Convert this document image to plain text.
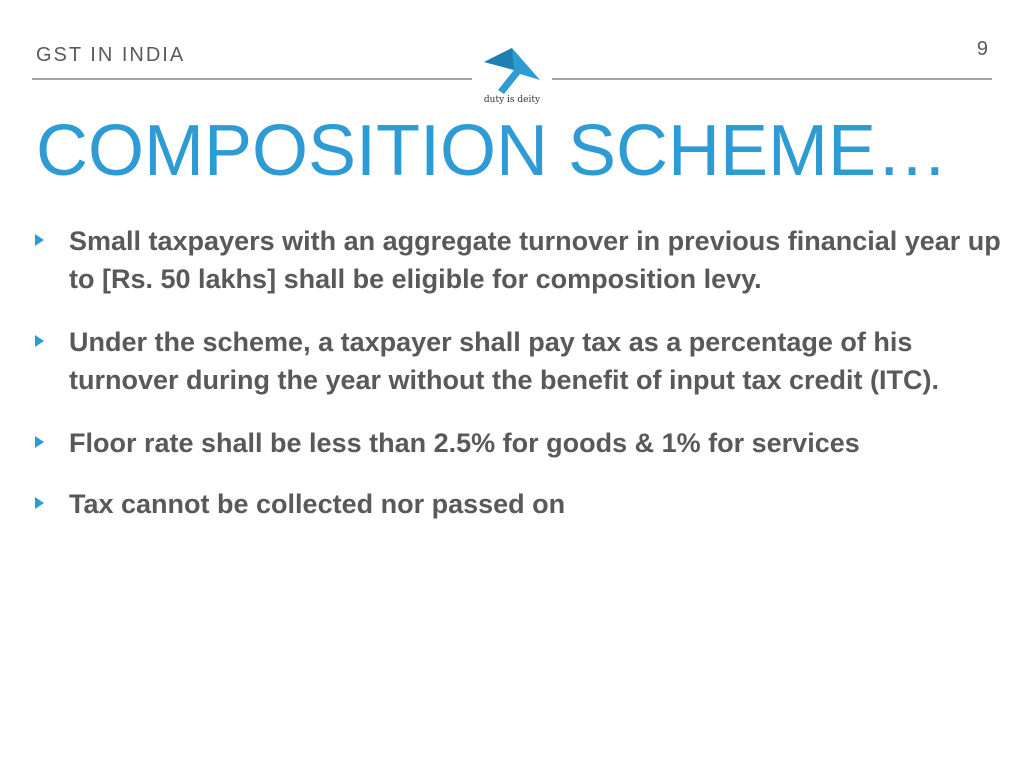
GST IN INDIA	9
duty is deity
COMPOSITION SCHEME…
Small taxpayers with an aggregate turnover in previous financial year up to [Rs. 50 lakhs] shall be eligible for composition levy.
Under the scheme, a taxpayer shall pay tax as a percentage of his turnover during the year without the benefit of input tax credit (ITC).
Floor rate shall be less than 2.5% for goods & 1% for services
Tax cannot be collected nor passed on
